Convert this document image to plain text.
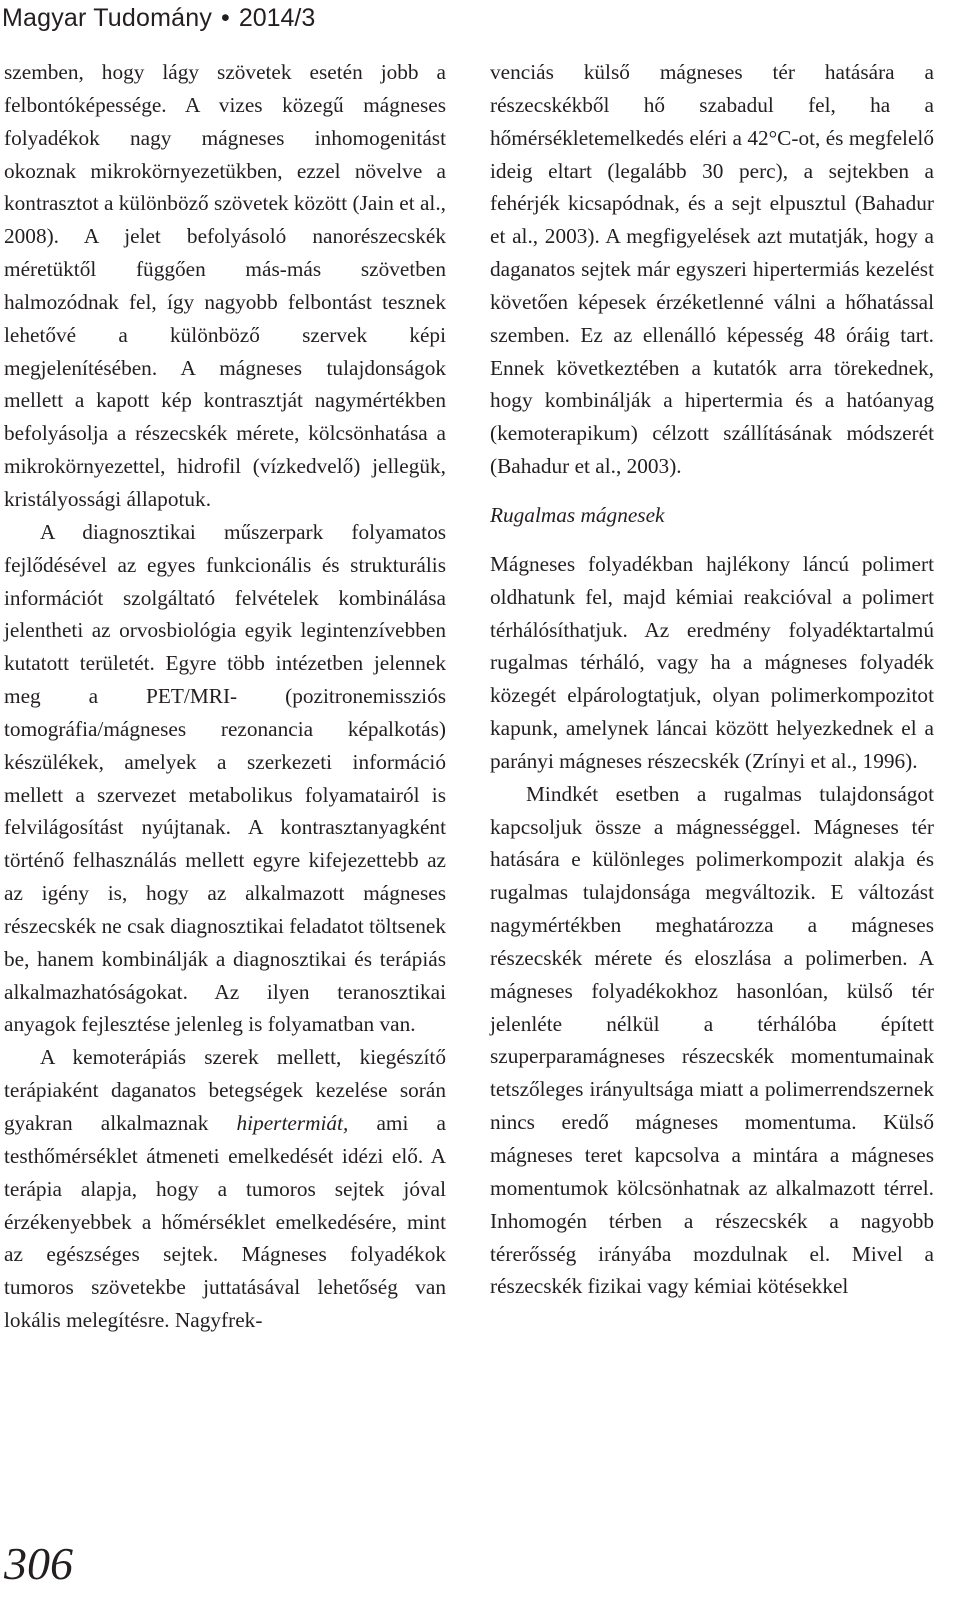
Magyar Tudomány • 2014/3

szemben, hogy lágy szövetek esetén jobb a felbontóképessége. A vizes közegű mágneses folyadékok nagy mágneses inhomogenitást okoznak mikrokörnyezetükben, ezzel növelve a kontrasztot a különböző szövetek között (Jain et al., 2008). A jelet befolyásoló nanorészecskék méretüktől függően más-más szövetben halmozódnak fel, így nagyobb felbontást tesznek lehetővé a különböző szervek képi megjelenítésében. A mágneses tulajdonságok mellett a kapott kép kontrasztját nagymértékben befolyásolja a részecskék mérete, kölcsönhatása a mikrokörnyezettel, hidrofil (vízkedvelő) jellegük, kristályossági állapotuk.

A diagnosztikai műszerpark folyamatos fejlődésével az egyes funkcionális és strukturális információt szolgáltató felvételek kombinálása jelentheti az orvosbiológia egyik legintenzívebben kutatott területét. Egyre több intézetben jelennek meg a PET/MRI- (pozitronemissziós tomográfia/mágneses rezonancia képalkotás) készülékek, amelyek a szerkezeti információ mellett a szervezet metabolikus folyamatairól is felvilágosítást nyújtanak. A kontrasztanyagként történő felhasználás mellett egyre kifejezettebb az az igény is, hogy az alkalmazott mágneses részecskék ne csak diagnosztikai feladatot töltsenek be, hanem kombinálják a diagnosztikai és terápiás alkalmazhatóságokat. Az ilyen teranosztikai anyagok fejlesztése jelenleg is folyamatban van.

A kemoterápiás szerek mellett, kiegészítő terápiaként daganatos betegségek kezelése során gyakran alkalmaznak hipertermiát, ami a testhőmérséklet átmeneti emelkedését idézi elő. A terápia alapja, hogy a tumoros sejtek jóval érzékenyebbek a hőmérséklet emelkedésére, mint az egészséges sejtek. Mágneses folyadékok tumoros szövetekbe juttatásával lehetőség van lokális melegítésre. Nagyfrek-

venciás külső mágneses tér hatására a részecskékből hő szabadul fel, ha a hőmérsékletemelkedés eléri a 42°C-ot, és megfelelő ideig eltart (legalább 30 perc), a sejtekben a fehérjék kicsapódnak, és a sejt elpusztul (Bahadur et al., 2003). A megfigyelések azt mutatják, hogy a daganatos sejtek már egyszeri hipertermiás kezelést követően képesek érzéketlenné válni a hőhatással szemben. Ez az ellenálló képesség 48 óráig tart. Ennek következtében a kutatók arra törekednek, hogy kombinálják a hipertermia és a hatóanyag (kemoterapikum) célzott szállításának módszerét (Bahadur et al., 2003).

Rugalmas mágnesek

Mágneses folyadékban hajlékony láncú polimert oldhatunk fel, majd kémiai reakcióval a polimert térhálósíthatjuk. Az eredmény folyadéktartalmú rugalmas térháló, vagy ha a mágneses folyadék közegét elpárologtatjuk, olyan polimerkompozitot kapunk, amelynek láncai között helyezkednek el a parányi mágneses részecskék (Zrínyi et al., 1996).

Mindkét esetben a rugalmas tulajdonságot kapcsoljuk össze a mágnességgel. Mágneses tér hatására e különleges polimerkompozit alakja és rugalmas tulajdonsága megváltozik. E változást nagymértékben meghatározza a mágneses részecskék mérete és eloszlása a polimerben. A mágneses folyadékokhoz hasonlóan, külső tér jelenléte nélkül a térhálóba épített szuperparamágneses részecskék momentumainak tetszőleges irányultsága miatt a polimerrendszernek nincs eredő mágneses momentuma. Külső mágneses teret kapcsolva a mintára a mágneses momentumok kölcsönhatnak az alkalmazott térrel. Inhomogén térben a részecskék a nagyobb térerősség irányába mozdulnak el. Mivel a részecskék fizikai vagy kémiai kötésekkel

306
